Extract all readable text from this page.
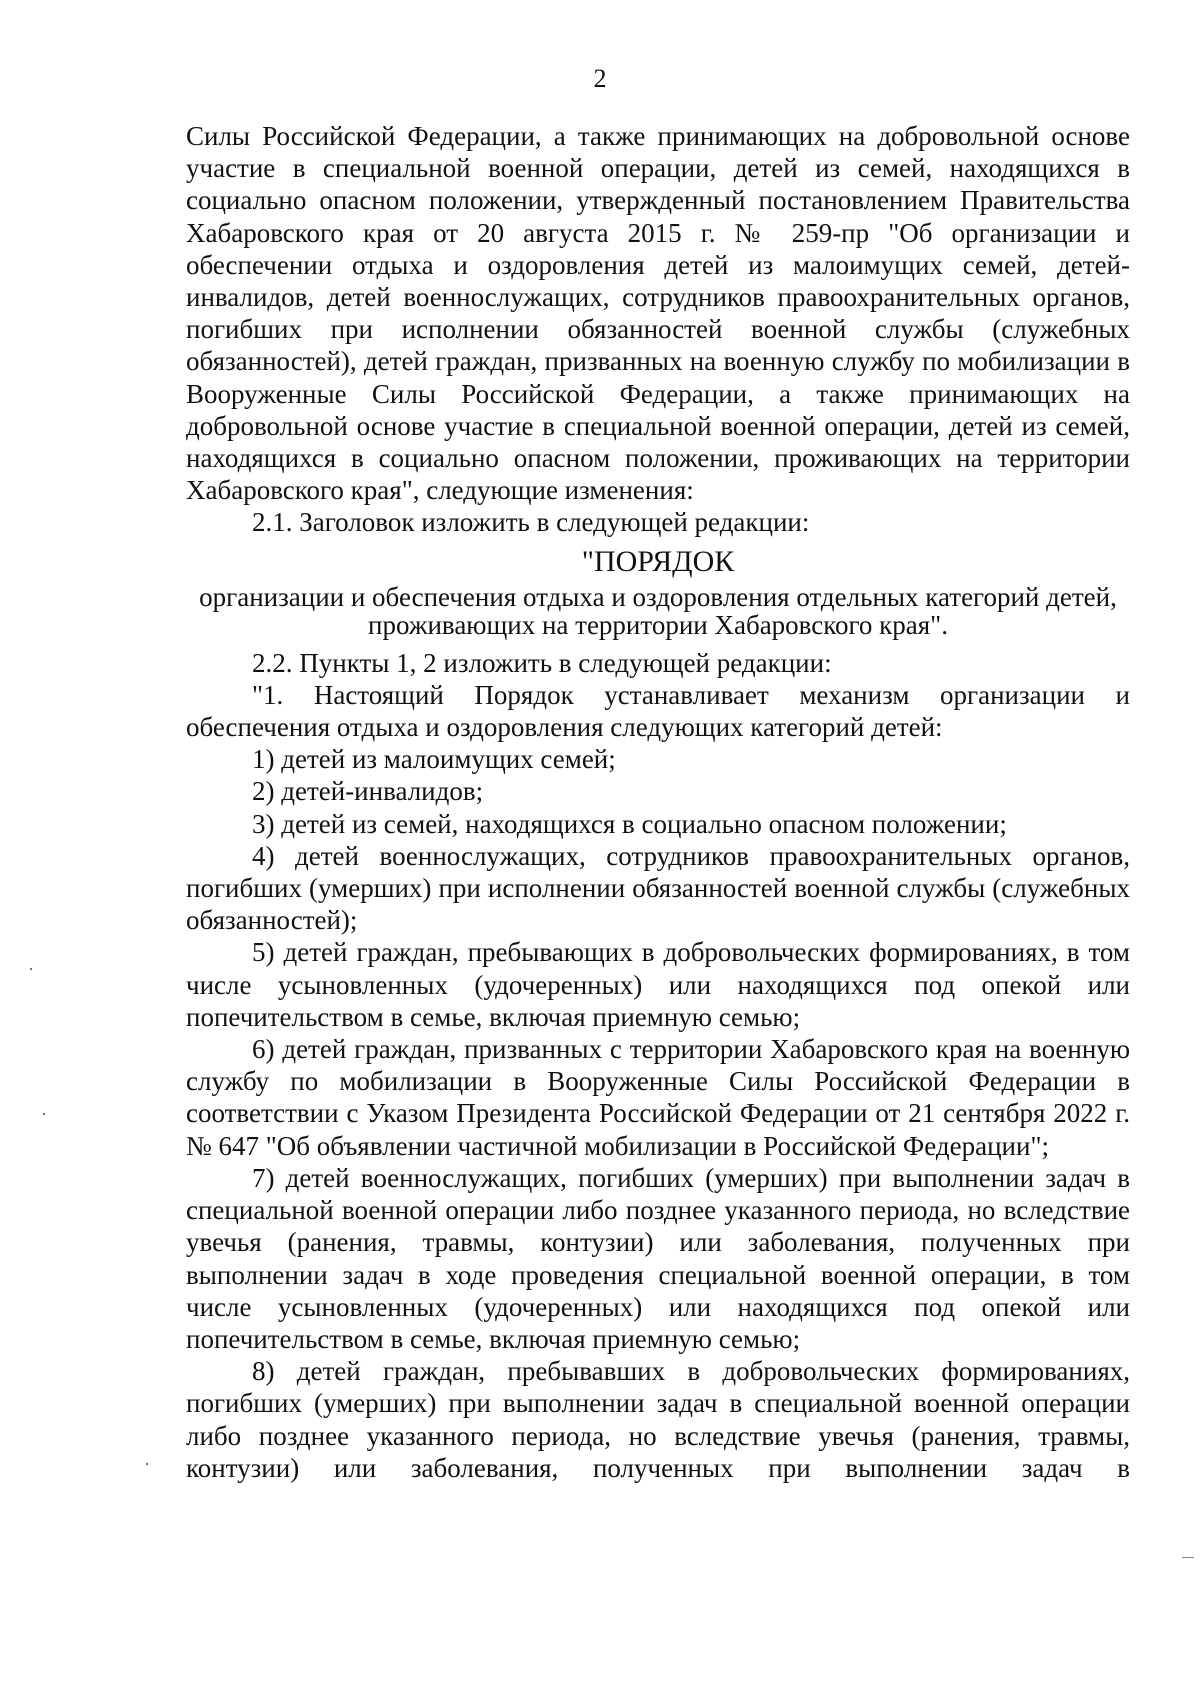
2

Силы Российской Федерации, а также принимающих на добровольной основе участие в специальной военной операции, детей из семей, находящихся в социально опасном положении, утвержденный постановлением Правительства Хабаровского края от 20 августа 2015 г. № 259-пр "Об организации и обеспечении отдыха и оздоровления детей из малоимущих семей, детей-инвалидов, детей военнослужащих, сотрудников правоохранительных органов, погибших при исполнении обязанностей военной службы (служебных обязанностей), детей граждан, призванных на военную службу по мобилизации в Вооруженные Силы Российской Федерации, а также принимающих на добровольной основе участие в специальной военной операции, детей из семей, находящихся в социально опасном положении, проживающих на территории Хабаровского края", следующие изменения:

2.1. Заголовок изложить в следующей редакции:

"ПОРЯДОК

организации и обеспечения отдыха и оздоровления отдельных категорий детей, проживающих на территории Хабаровского края".

2.2. Пункты 1, 2 изложить в следующей редакции:

"1. Настоящий Порядок устанавливает механизм организации и обеспечения отдыха и оздоровления следующих категорий детей:

1) детей из малоимущих семей;

2) детей-инвалидов;

3) детей из семей, находящихся в социально опасном положении;

4) детей военнослужащих, сотрудников правоохранительных органов, погибших (умерших) при исполнении обязанностей военной службы (служебных обязанностей);

5) детей граждан, пребывающих в добровольческих формированиях, в том числе усыновленных (удочеренных) или находящихся под опекой или попечительством в семье, включая приемную семью;

6) детей граждан, призванных с территории Хабаровского края на военную службу по мобилизации в Вооруженные Силы Российской Федерации в соответствии с Указом Президента Российской Федерации от 21 сентября 2022 г. № 647 "Об объявлении частичной мобилизации в Российской Федерации";

7) детей военнослужащих, погибших (умерших) при выполнении задач в специальной военной операции либо позднее указанного периода, но вследствие увечья (ранения, травмы, контузии) или заболевания, полученных при выполнении задач в ходе проведения специальной военной операции, в том числе усыновленных (удочеренных) или находящихся под опекой или попечительством в семье, включая приемную семью;

8) детей граждан, пребывавших в добровольческих формированиях, погибших (умерших) при выполнении задач в специальной военной операции либо позднее указанного периода, но вследствие увечья (ранения, травмы, контузии) или заболевания, полученных при выполнении задач в
